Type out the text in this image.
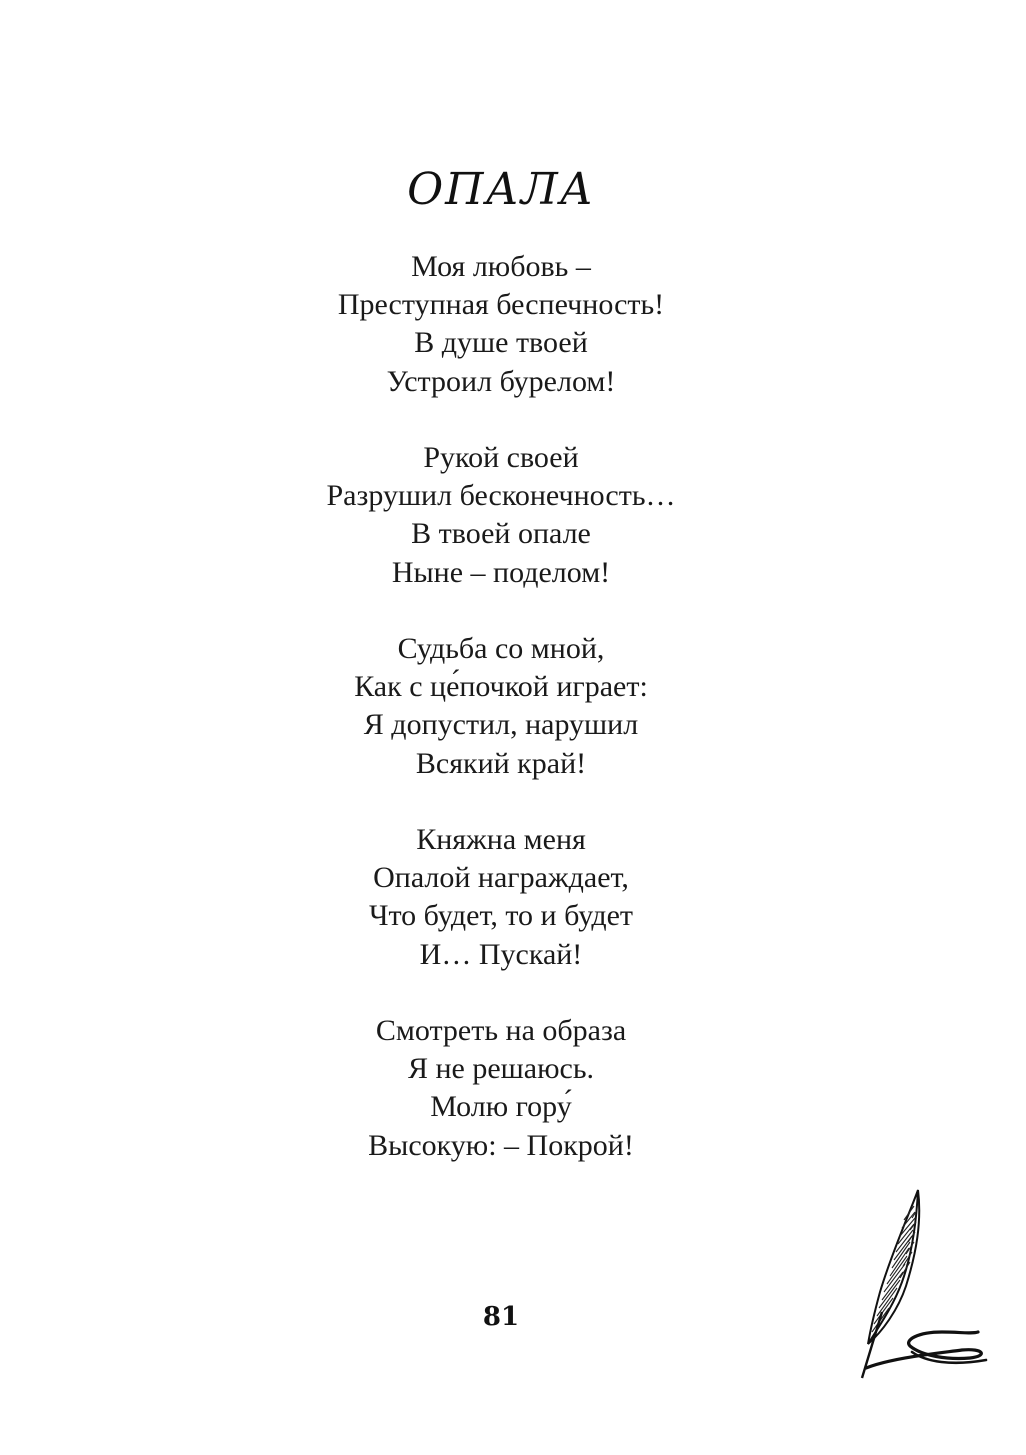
ОПАЛА
Моя любовь –
Преступная беспечность!
В душе твоей
Устроил бурелом!
Рукой своей
Разрушил бесконечность…
В твоей опале
Ныне – поделом!
Судьба со мной,
Как с це́почкой играет:
Я допустил, нарушил
Всякий край!
Княжна меня
Опалой награждает,
Что будет, то и будет
И… Пускай!
Смотреть на образа
Я не решаюсь.
Молю гору́
Высокую: – Покрой!
81
